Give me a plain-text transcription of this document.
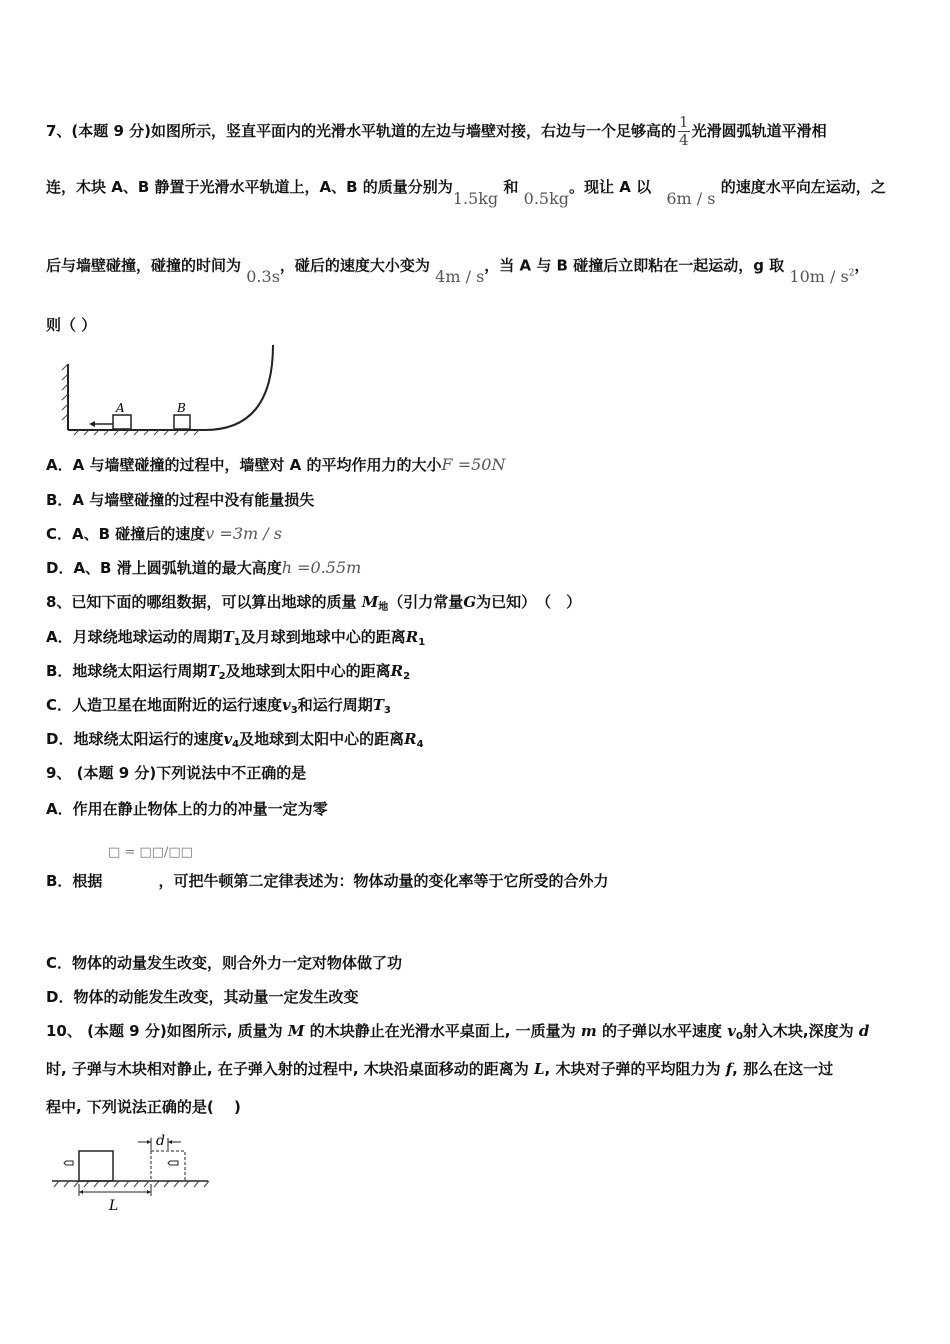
7、(本题 9 分)如图所示，竖直平面内的光滑水平轨道的左边与墙壁对接，右边与一个足够高的 $\frac{1}{4}$ 光滑圆弧轨道平滑相
连，木块 A、B 静置于光滑水平轨道上，A、B 的质量分别为1.5kg 和 0.5kg。现让 A 以 6m / s 的速度水平向左运动，之
后与墙壁碰撞，碰撞的时间为 0.3s，碰后的速度大小变为 4m / s，当 A 与 B 碰撞后立即粘在一起运动，g 取 $10m / s^2$，
则（ ）
A	B
A．A 与墙壁碰撞的过程中，墙壁对 A 的平均作用力的大小F =50N
B．A 与墙壁碰撞的过程中没有能量损失
C．A、B 碰撞后的速度v =3m / s
D．A、B 滑上圆弧轨道的最大高度h =0.55m
8、已知下面的哪组数据，可以算出地球的质量 $M_地$（引力常量G为已知）　（　）
A．月球绕地球运动的周期$T_1$及月球到地球中心的距离$R_1$
B．地球绕太阳运行周期$T_2$及地球到太阳中心的距离$R_2$
C．人造卫星在地面附近的运行速度$v_3$和运行周期$T_3$
D．地球绕太阳运行的速度$v_4$及地球到太阳中心的距离$R_4$
9、 (本题 9 分)下列说法中不正确的是
A．作用在静止物体上的力的冲量一定为零
□ = □□/□□
B．根据	，可把牛顿第二定律表述为：物体动量的变化率等于它所受的合外力
C．物体的动量发生改变，则合外力一定对物体做了功
D．物体的动能发生改变，其动量一定发生改变
10、 (本题 9 分)如图所示, 质量为 M 的木块静止在光滑水平桌面上, 一质量为 m 的子弹以水平速度 $v_0$射入木块,深度为 d
时, 子弹与木块相对静止, 在子弹入射的过程中, 木块沿桌面移动的距离为 L, 木块对子弹的平均阻力为 f, 那么在这一过
程中, 下列说法正确的是(　 )
d
L
